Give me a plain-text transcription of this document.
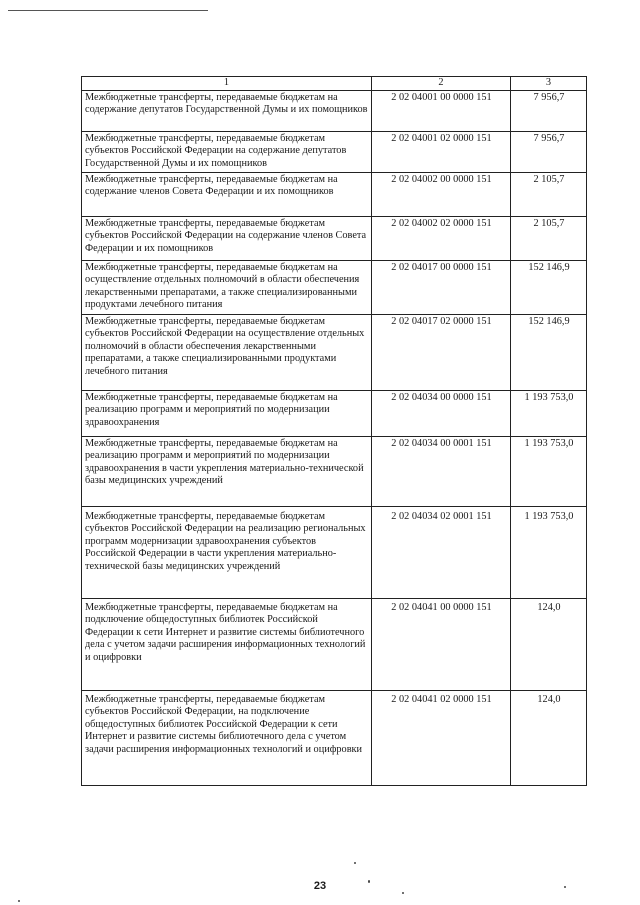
1	2	3
Межбюджетные трансферты, передаваемые бюджетам на содержание депутатов Государственной Думы и их помощников	2 02 04001 00 0000 151	7 956,7
Межбюджетные трансферты, передаваемые бюджетам субъектов Российской Федерации на содержание депутатов Государственной Думы и их помощников	2 02 04001 02 0000 151	7 956,7
Межбюджетные трансферты, передаваемые бюджетам на содержание членов Совета Федерации и их помощников	2 02 04002 00 0000 151	2 105,7
Межбюджетные трансферты, передаваемые бюджетам субъектов Российской Федерации на содержание членов Совета Федерации и их помощников	2 02 04002 02 0000 151	2 105,7
Межбюджетные трансферты, передаваемые бюджетам на осуществление отдельных полномочий в области обеспечения лекарственными препаратами, а также специализированными продуктами лечебного питания	2 02 04017 00 0000 151	152 146,9
Межбюджетные трансферты, передаваемые бюджетам субъектов Российской Федерации на осуществление отдельных полномочий в области обеспечения лекарственными препаратами, а также специализированными продуктами лечебного питания	2 02 04017 02 0000 151	152 146,9
Межбюджетные трансферты, передаваемые бюджетам на реализацию программ и мероприятий по модернизации здравоохранения	2 02 04034 00 0000 151	1 193 753,0
Межбюджетные трансферты, передаваемые бюджетам на реализацию программ и мероприятий по модернизации здравоохранения в части укрепления материально-технической базы медицинских учреждений	2 02 04034 00 0001 151	1 193 753,0
Межбюджетные трансферты, передаваемые бюджетам субъектов Российской Федерации на реализацию региональных программ модернизации здравоохранения субъектов Российской Федерации в части укрепления материально-технической базы медицинских учреждений	2 02 04034 02 0001 151	1 193 753,0
Межбюджетные трансферты, передаваемые бюджетам на подключение общедоступных библиотек Российской Федерации к сети Интернет и развитие системы библиотечного дела с учетом задачи расширения информационных технологий и оцифровки	2 02 04041 00 0000 151	124,0
Межбюджетные трансферты, передаваемые бюджетам субъектов Российской Федерации, на подключение общедоступных библиотек Российской Федерации к сети Интернет и развитие системы библиотечного дела с учетом задачи расширения информационных технологий и оцифровки	2 02 04041 02 0000 151	124,0
23
